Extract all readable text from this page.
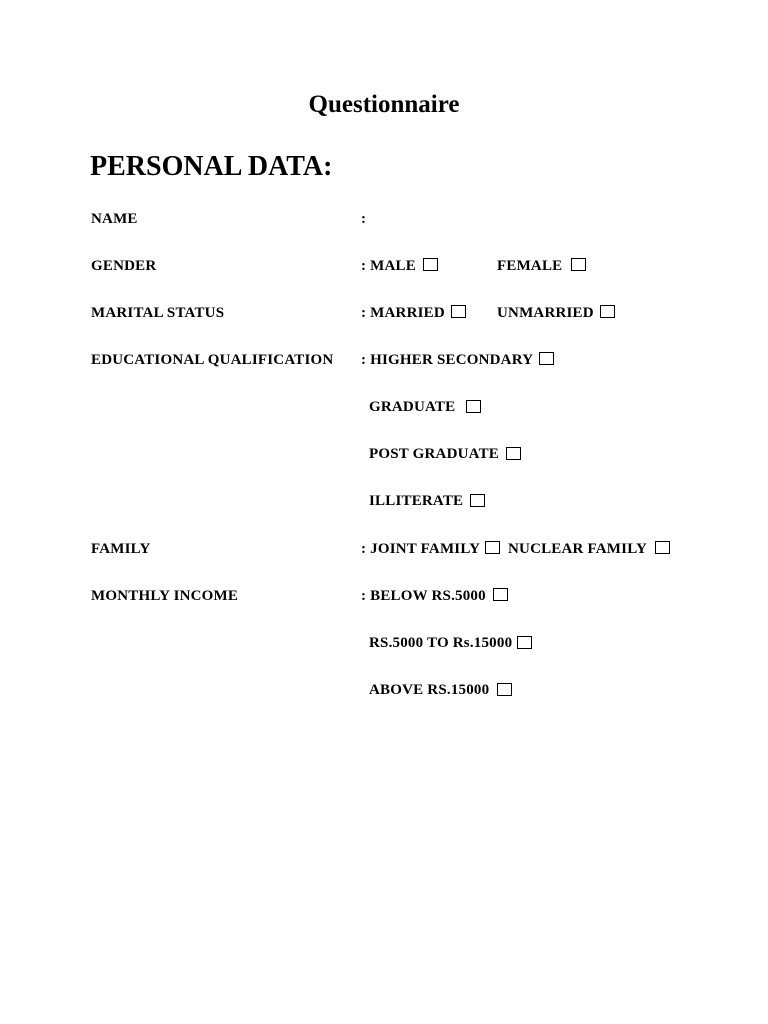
Questionnaire
PERSONAL DATA:
NAME	:
GENDER	: MALE	FEMALE
MARITAL STATUS	: MARRIED	UNMARRIED
EDUCATIONAL QUALIFICATION : HIGHER SECONDARY
GRADUATE
POST GRADUATE
ILLITERATE
FAMILY	: JOINT FAMILY NUCLEAR FAMILY
MONTHLY INCOME	: BELOW RS.5000
RS.5000 TO Rs.15000
ABOVE RS.15000
